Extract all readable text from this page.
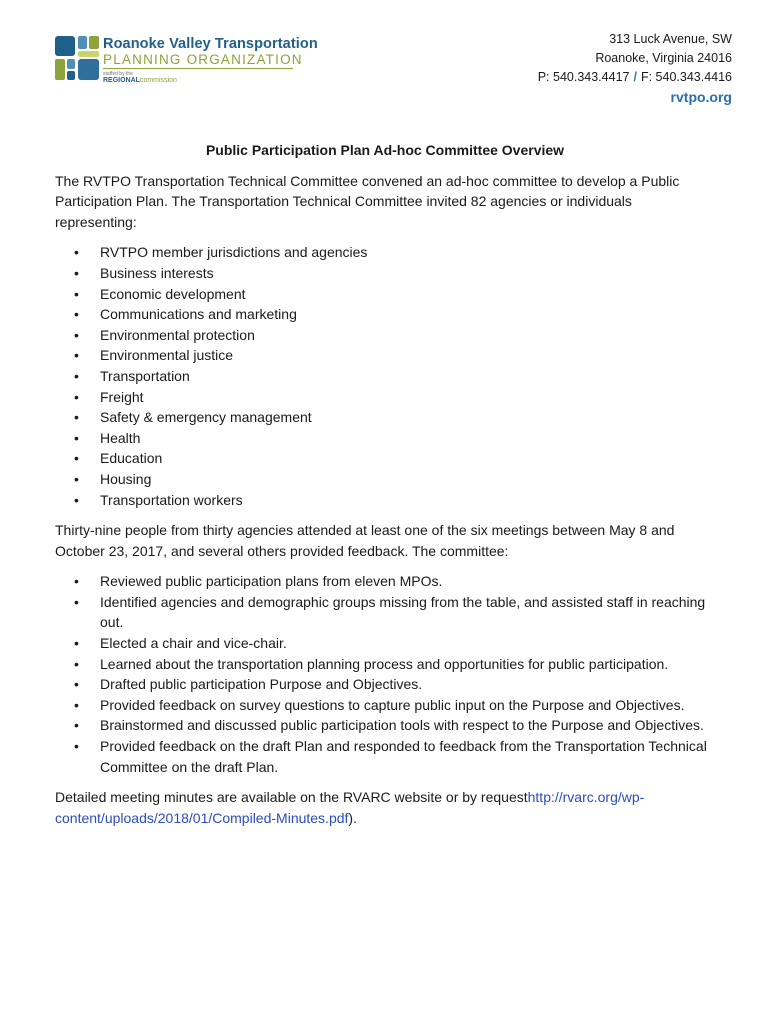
Roanoke Valley Transportation
PLANNING ORGANIZATION
staffed by the
REGIONALcommission
313 Luck Avenue, SW
Roanoke, Virginia 24016
P: 540.343.4417 / F: 540.343.4416
rvtpo.org
Public Participation Plan Ad-hoc Committee Overview

The RVTPO Transportation Technical Committee convened an ad-hoc committee to develop a Public Participation Plan. The Transportation Technical Committee invited 82 agencies or individuals representing:

• RVTPO member jurisdictions and agencies
• Business interests
• Economic development
• Communications and marketing
• Environmental protection
• Environmental justice
• Transportation
• Freight
• Safety & emergency management
• Health
• Education
• Housing
• Transportation workers

Thirty-nine people from thirty agencies attended at least one of the six meetings between May 8 and October 23, 2017, and several others provided feedback. The committee:

• Reviewed public participation plans from eleven MPOs.
• Identified agencies and demographic groups missing from the table, and assisted staff in reaching out.
• Elected a chair and vice-chair.
• Learned about the transportation planning process and opportunities for public participation.
• Drafted public participation Purpose and Objectives.
• Provided feedback on survey questions to capture public input on the Purpose and Objectives.
• Brainstormed and discussed public participation tools with respect to the Purpose and Objectives.
• Provided feedback on the draft Plan and responded to feedback from the Transportation Technical Committee on the draft Plan.

Detailed meeting minutes are available on the RVARC website or by requesthttp://rvarc.org/wp-content/uploads/2018/01/Compiled-Minutes.pdf).
